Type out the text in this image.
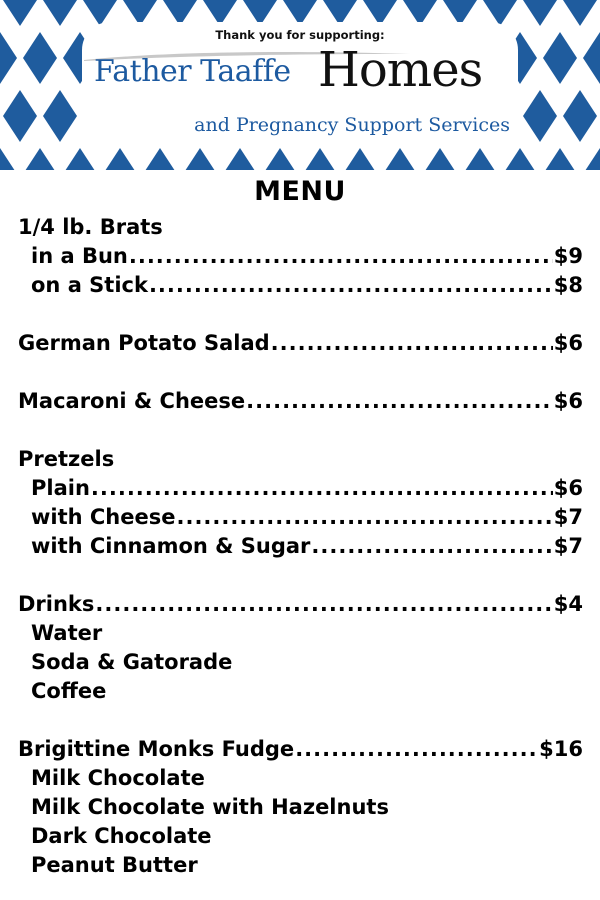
Thank you for supporting:
Father Taaffe Homes
and Pregnancy Support Services
MENU
1/4 lb. Brats
in a Bun .....	$9
on a Stick .....	$8
German Potato Salad .....	$6
Macaroni & Cheese .....	$6
Pretzels
Plain .....	$6
with Cheese .....	$7
with Cinnamon & Sugar .....	$7
Drinks .....	$4
Water
Soda & Gatorade
Coffee
Brigittine Monks Fudge .....	$16
Milk Chocolate
Milk Chocolate with Hazelnuts
Dark Chocolate
Peanut Butter
